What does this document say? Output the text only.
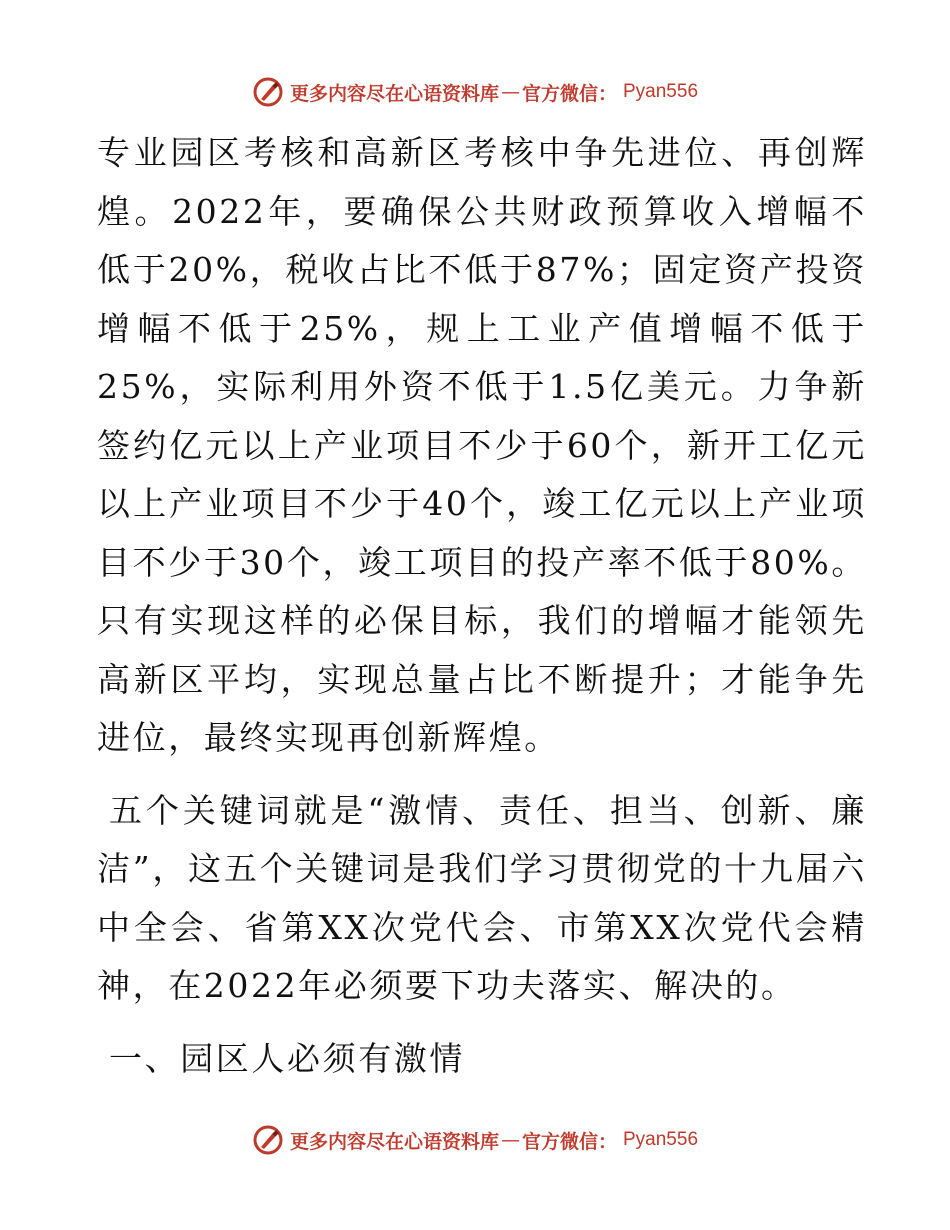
更多内容尽在心语资料库 — 官方微信： Pyan556

专业园区考核和高新区考核中争先进位、再创辉煌。2022年，要确保公共财政预算收入增幅不低于20%，税收占比不低于87%；固定资产投资增幅不低于25%，规上工业产值增幅不低于25%，实际利用外资不低于1.5亿美元。力争新签约亿元以上产业项目不少于60个，新开工亿元以上产业项目不少于40个，竣工亿元以上产业项目不少于30个，竣工项目的投产率不低于80%。只有实现这样的必保目标，我们的增幅才能领先高新区平均，实现总量占比不断提升；才能争先进位，最终实现再创新辉煌。

五个关键词就是“激情、责任、担当、创新、廉洁”，这五个关键词是我们学习贯彻党的十九届六中全会、省第XX次党代会、市第XX次党代会精神，在2022年必须要下功夫落实、解决的。

一、园区人必须有激情

更多内容尽在心语资料库 — 官方微信： Pyan556
